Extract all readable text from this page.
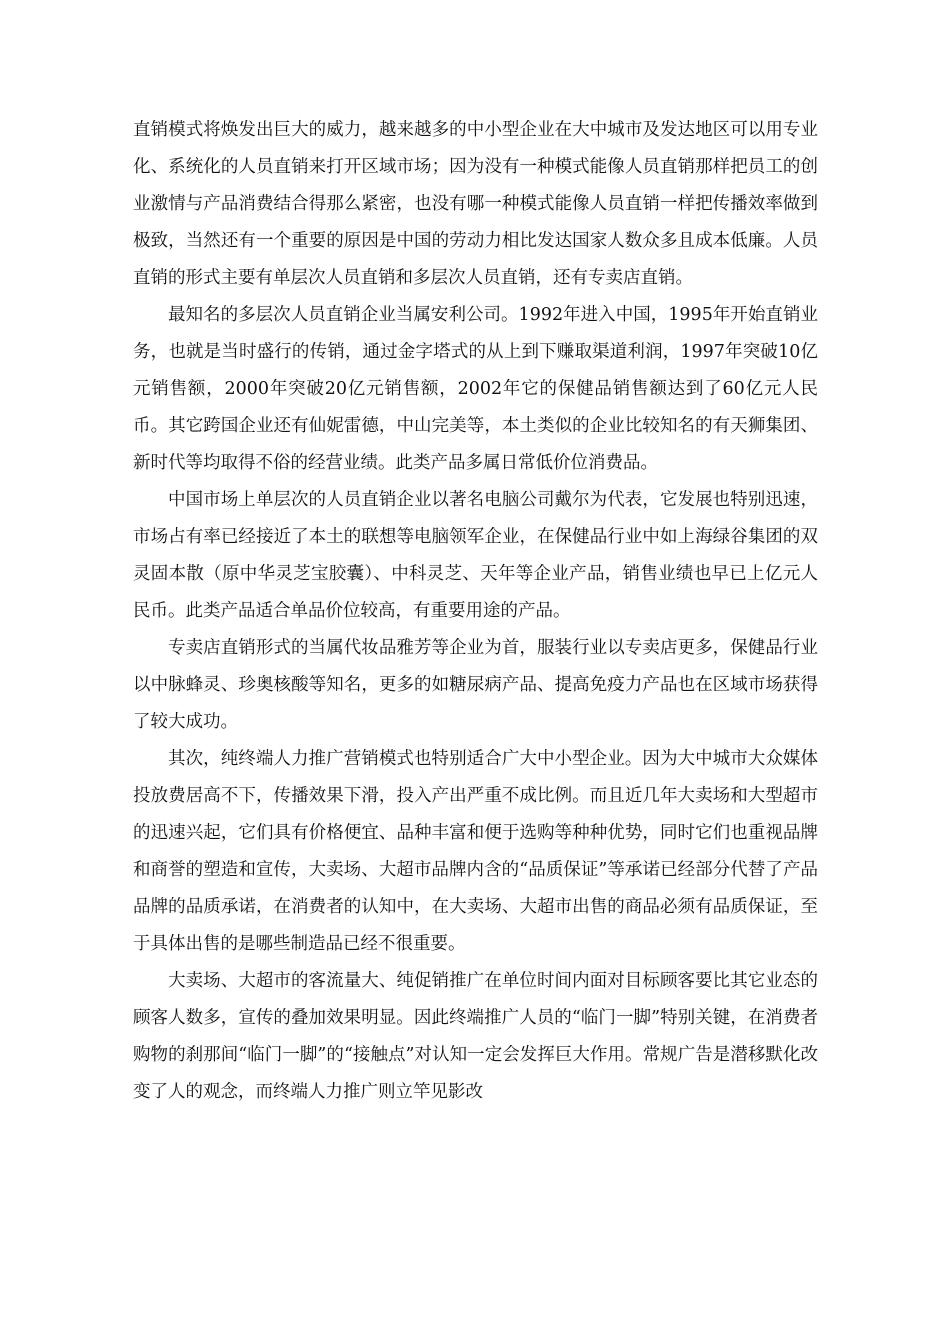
直销模式将焕发出巨大的威力，越来越多的中小型企业在大中城市及发达地区可以用专业化、系统化的人员直销来打开区域市场；因为没有一种模式能像人员直销那样把员工的创业激情与产品消费结合得那么紧密，也没有哪一种模式能像人员直销一样把传播效率做到极致，当然还有一个重要的原因是中国的劳动力相比发达国家人数众多且成本低廉。人员直销的形式主要有单层次人员直销和多层次人员直销，还有专卖店直销。

最知名的多层次人员直销企业当属安利公司。1992年进入中国，1995年开始直销业务，也就是当时盛行的传销，通过金字塔式的从上到下赚取渠道利润，1997年突破10亿元销售额，2000年突破20亿元销售额，2002年它的保健品销售额达到了60亿元人民币。其它跨国企业还有仙妮雷德，中山完美等，本土类似的企业比较知名的有天狮集团、新时代等均取得不俗的经营业绩。此类产品多属日常低价位消费品。

中国市场上单层次的人员直销企业以著名电脑公司戴尔为代表，它发展也特别迅速，市场占有率已经接近了本土的联想等电脑领军企业，在保健品行业中如上海绿谷集团的双灵固本散（原中华灵芝宝胶囊）、中科灵芝、天年等企业产品，销售业绩也早已上亿元人民币。此类产品适合单品价位较高，有重要用途的产品。

专卖店直销形式的当属代妆品雅芳等企业为首，服装行业以专卖店更多，保健品行业以中脉蜂灵、珍奥核酸等知名，更多的如糖尿病产品、提高免疫力产品也在区域市场获得了较大成功。

其次，纯终端人力推广营销模式也特别适合广大中小型企业。因为大中城市大众媒体投放费居高不下，传播效果下滑，投入产出严重不成比例。而且近几年大卖场和大型超市的迅速兴起，它们具有价格便宜、品种丰富和便于选购等种种优势，同时它们也重视品牌和商誉的塑造和宣传，大卖场、大超市品牌内含的“品质保证”等承诺已经部分代替了产品品牌的品质承诺，在消费者的认知中，在大卖场、大超市出售的商品必须有品质保证，至于具体出售的是哪些制造品已经不很重要。

大卖场、大超市的客流量大、纯促销推广在单位时间内面对目标顾客要比其它业态的顾客人数多，宣传的叠加效果明显。因此终端推广人员的“临门一脚”特别关键，在消费者购物的刹那间“临门一脚”的“接触点”对认知一定会发挥巨大作用。常规广告是潜移默化改变了人的观念，而终端人力推广则立竿见影改
